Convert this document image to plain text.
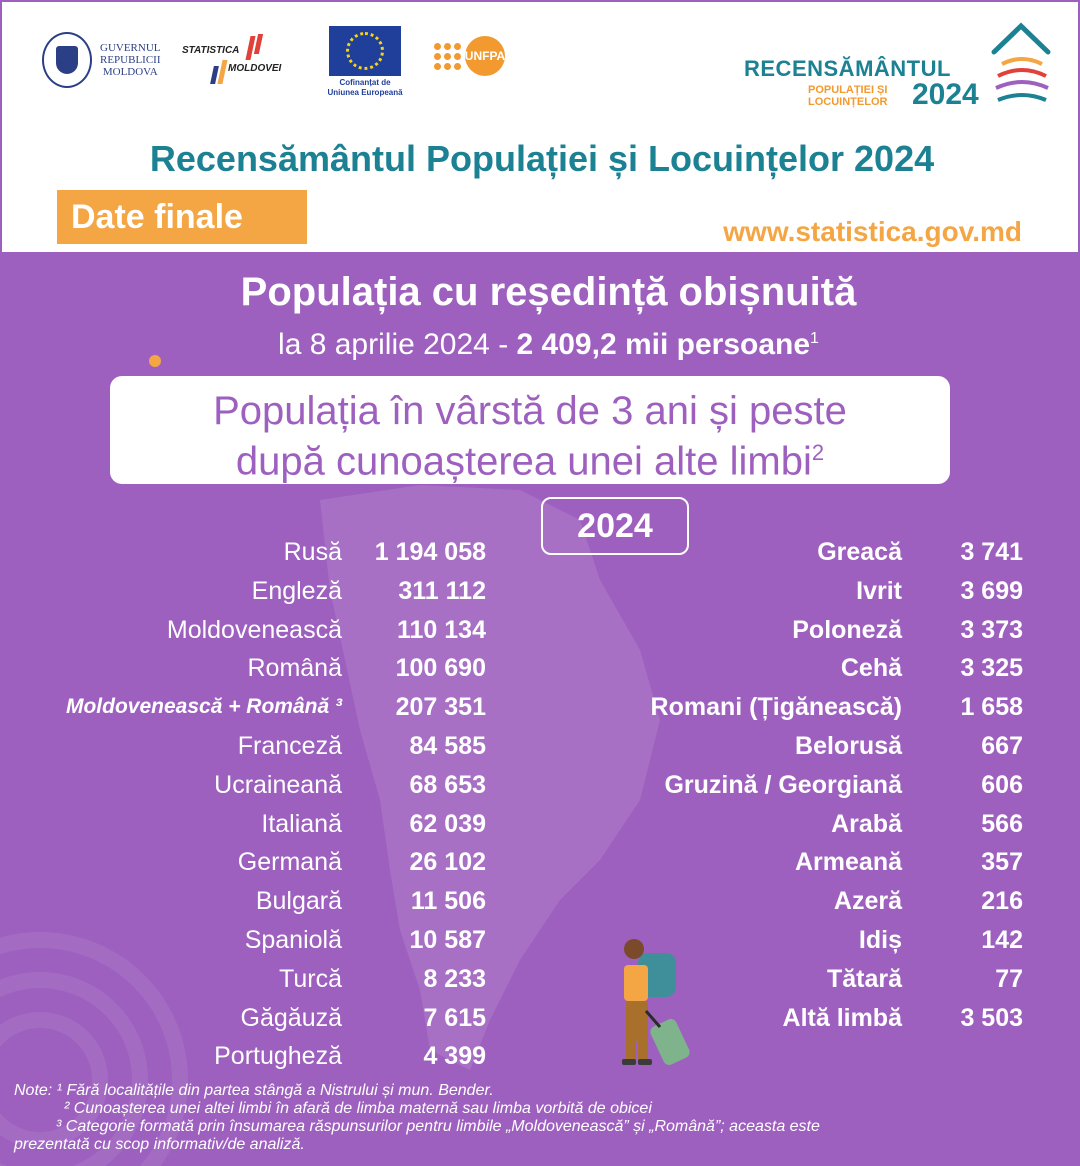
GUVERNUL
REPUBLICII
MOLDOVA
STATISTICA
MOLDOVEI
Cofinanțat de
Uniunea Europeană
UNFPA	RECENSĂMÂNTUL
POPULAȚIEI ȘI
LOCUINȚELOR 2024
Recensământul Populației și Locuințelor 2024
Date finale	www.statistica.gov.md
Populația cu reședință obișnuită
la 8 aprilie 2024 - 2 409,2 mii persoane$^1$
Populația în vârstă de 3 ani și peste
după cunoașterea unei alte limbi$^2$
2024
Rusă 1 194 058
Engleză 311 112
Moldovenească 110 134
Română 100 690
Moldovenească + Română ³ 207 351
Franceză	84 585
Ucraineană	68 653
Italiană	62 039
Germană	26 102
Bulgară	11 506
Spaniolă	10 587
Turcă	8 233
Găgăuză	7 615
Portugheză	4 399
Greacă 3 741
Ivrit 3 699
Poloneză 3 373
Cehă 3 325
Romani (Țigănească) 1 658
Belorusă	667
Gruzină / Georgiană	606
Arabă	566
Armeană	357
Azeră	216
Idiș	142
Tătară	77
Altă limbă 3 503
Note: ¹ Fără localitățile din partea stângă a Nistrului și mun. Bender.
² Cunoașterea unei altei limbi în afară de limba maternă sau limba vorbită de obicei
³ Categorie formată prin însumarea răspunsurilor pentru limbile „Moldovenească” și „Română”; aceasta este
prezentată cu scop informativ/de analiză.
